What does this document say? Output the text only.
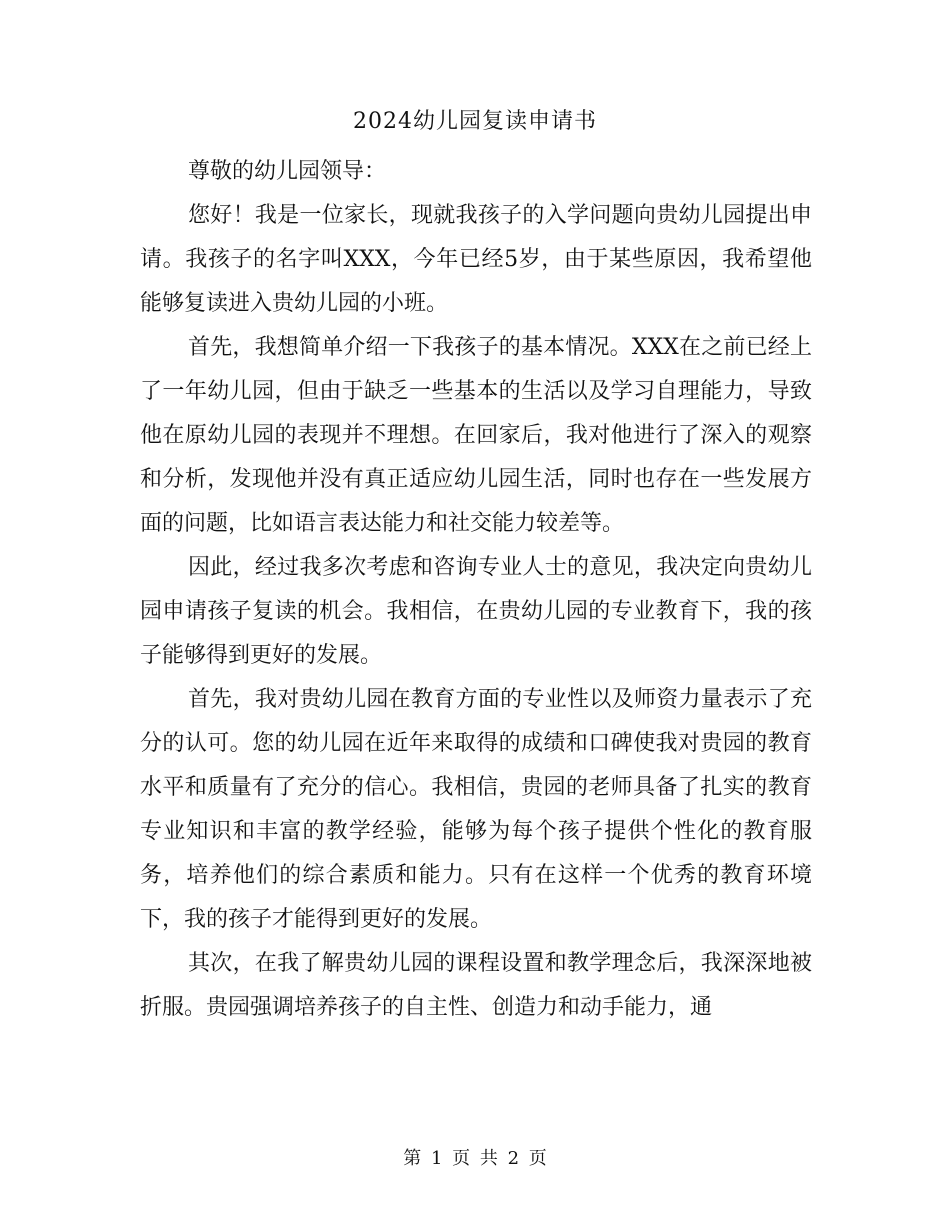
2024幼儿园复读申请书

尊敬的幼儿园领导：

您好！我是一位家长，现就我孩子的入学问题向贵幼儿园提出申请。我孩子的名字叫XXX，今年已经5岁，由于某些原因，我希望他能够复读进入贵幼儿园的小班。

首先，我想简单介绍一下我孩子的基本情况。XXX在之前已经上了一年幼儿园，但由于缺乏一些基本的生活以及学习自理能力，导致他在原幼儿园的表现并不理想。在回家后，我对他进行了深入的观察和分析，发现他并没有真正适应幼儿园生活，同时也存在一些发展方面的问题，比如语言表达能力和社交能力较差等。

因此，经过我多次考虑和咨询专业人士的意见，我决定向贵幼儿园申请孩子复读的机会。我相信，在贵幼儿园的专业教育下，我的孩子能够得到更好的发展。

首先，我对贵幼儿园在教育方面的专业性以及师资力量表示了充分的认可。您的幼儿园在近年来取得的成绩和口碑使我对贵园的教育水平和质量有了充分的信心。我相信，贵园的老师具备了扎实的教育专业知识和丰富的教学经验，能够为每个孩子提供个性化的教育服务，培养他们的综合素质和能力。只有在这样一个优秀的教育环境下，我的孩子才能得到更好的发展。

其次，在我了解贵幼儿园的课程设置和教学理念后，我深深地被折服。贵园强调培养孩子的自主性、创造力和动手能力，通

第 1 页 共 2 页
